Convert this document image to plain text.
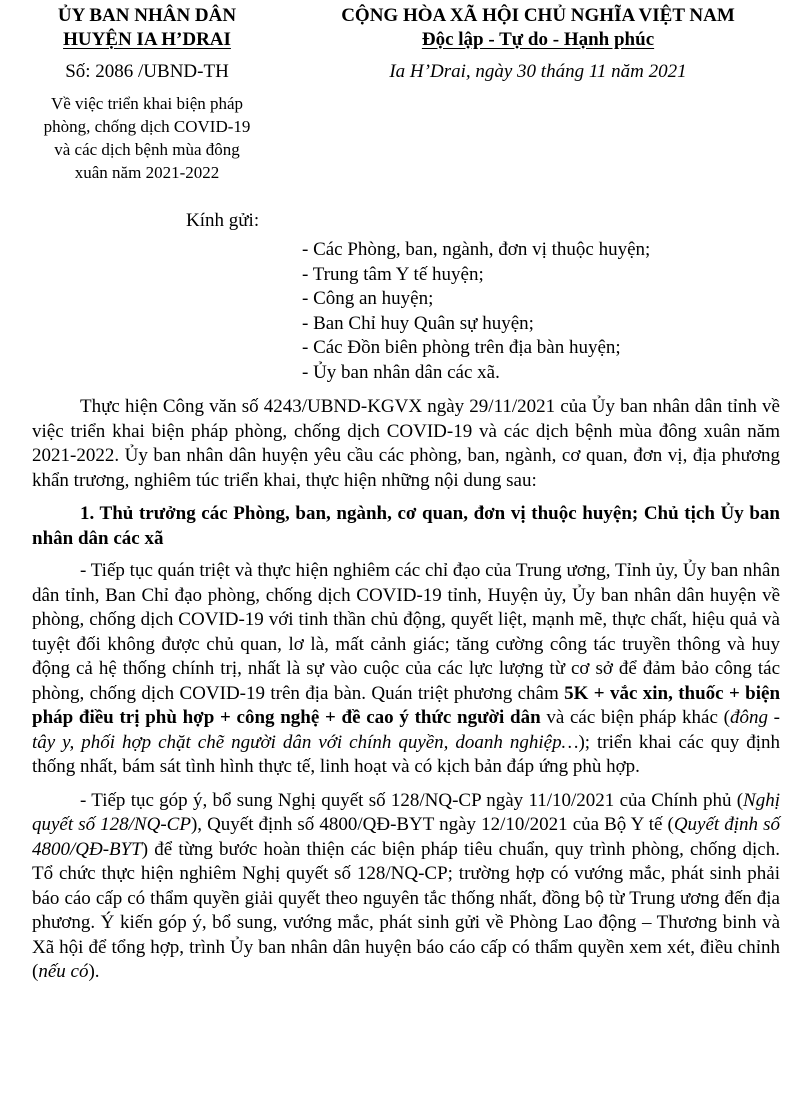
ỦY BAN NHÂN DÂN
HUYỆN IA H’DRAI
CỘNG HÒA XÃ HỘI CHỦ NGHĨA VIỆT NAM
Độc lập - Tự do - Hạnh phúc
Số: 2086 /UBND-TH	Ia H’Drai, ngày 30 tháng 11 năm 2021
Về việc triển khai biện pháp
phòng, chống dịch COVID-19
và các dịch bệnh mùa đông
xuân năm 2021-2022
Kính gửi:
- Các Phòng, ban, ngành, đơn vị thuộc huyện;
- Trung tâm Y tế huyện;
- Công an huyện;
- Ban Chỉ huy Quân sự huyện;
- Các Đồn biên phòng trên địa bàn huyện;
- Ủy ban nhân dân các xã.

Thực hiện Công văn số 4243/UBND-KGVX ngày 29/11/2021 của Ủy ban nhân dân tỉnh về việc triển khai biện pháp phòng, chống dịch COVID-19 và các dịch bệnh mùa đông xuân năm 2021-2022. Ủy ban nhân dân huyện yêu cầu các phòng, ban, ngành, cơ quan, đơn vị, địa phương khẩn trương, nghiêm túc triển khai, thực hiện những nội dung sau:

1. Thủ trưởng các Phòng, ban, ngành, cơ quan, đơn vị thuộc huyện; Chủ tịch Ủy ban nhân dân các xã

- Tiếp tục quán triệt và thực hiện nghiêm các chỉ đạo của Trung ương, Tỉnh ủy, Ủy ban nhân dân tỉnh, Ban Chỉ đạo phòng, chống dịch COVID-19 tỉnh, Huyện ủy, Ủy ban nhân dân huyện về phòng, chống dịch COVID-19 với tinh thần chủ động, quyết liệt, mạnh mẽ, thực chất, hiệu quả và tuyệt đối không được chủ quan, lơ là, mất cảnh giác; tăng cường công tác truyền thông và huy động cả hệ thống chính trị, nhất là sự vào cuộc của các lực lượng từ cơ sở để đảm bảo công tác phòng, chống dịch COVID-19 trên địa bàn. Quán triệt phương châm 5K + vắc xin, thuốc + biện pháp điều trị phù hợp + công nghệ + đề cao ý thức người dân và các biện pháp khác (đông - tây y, phối hợp chặt chẽ người dân với chính quyền, doanh nghiệp…); triển khai các quy định thống nhất, bám sát tình hình thực tế, linh hoạt và có kịch bản đáp ứng phù hợp.

- Tiếp tục góp ý, bổ sung Nghị quyết số 128/NQ-CP ngày 11/10/2021 của Chính phủ (Nghị quyết số 128/NQ-CP), Quyết định số 4800/QĐ-BYT ngày 12/10/2021 của Bộ Y tế (Quyết định số 4800/QĐ-BYT) để từng bước hoàn thiện các biện pháp tiêu chuẩn, quy trình phòng, chống dịch. Tổ chức thực hiện nghiêm Nghị quyết số 128/NQ-CP; trường hợp có vướng mắc, phát sinh phải báo cáo cấp có thẩm quyền giải quyết theo nguyên tắc thống nhất, đồng bộ từ Trung ương đến địa phương. Ý kiến góp ý, bổ sung, vướng mắc, phát sinh gửi về Phòng Lao động – Thương binh và Xã hội để tổng hợp, trình Ủy ban nhân dân huyện báo cáo cấp có thẩm quyền xem xét, điều chỉnh (nếu có).
